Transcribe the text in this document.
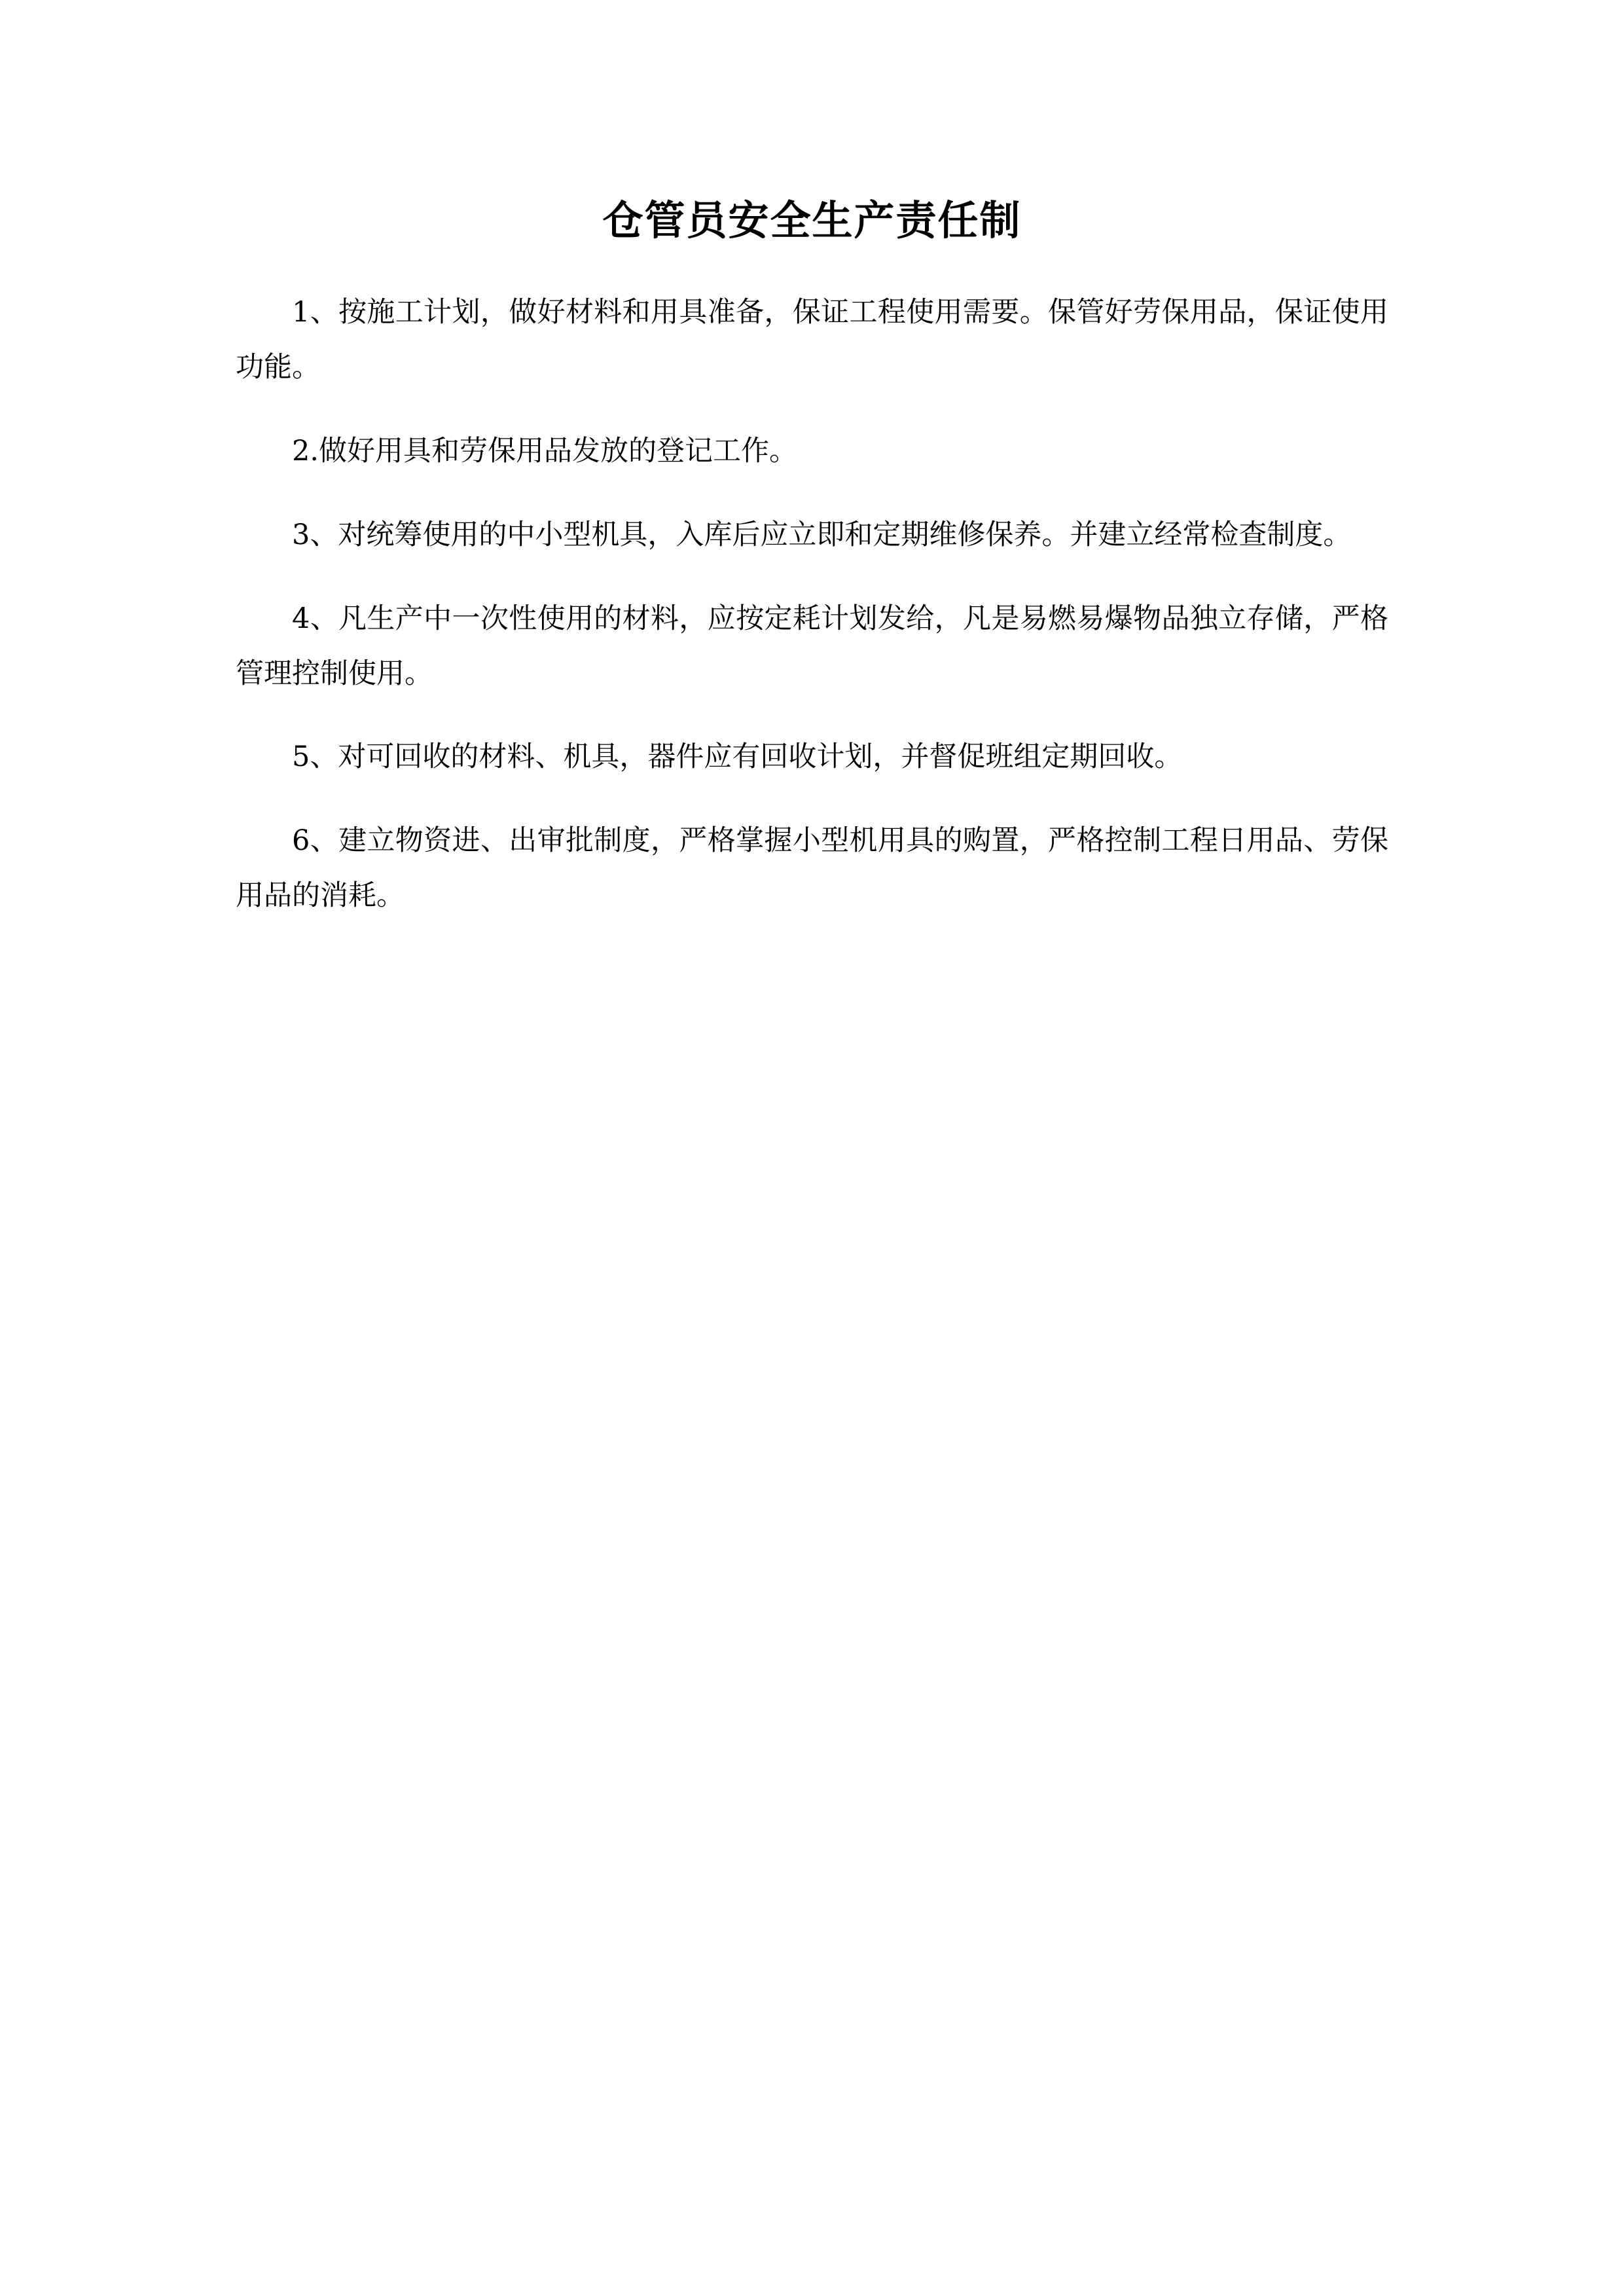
仓管员安全生产责任制

1、按施工计划，做好材料和用具准备，保证工程使用需要。保管好劳保用品，保证使用功能。

2.做好用具和劳保用品发放的登记工作。

3、对统筹使用的中小型机具，入库后应立即和定期维修保养。并建立经常检查制度。

4、凡生产中一次性使用的材料，应按定耗计划发给，凡是易燃易爆物品独立存储，严格管理控制使用。

5、对可回收的材料、机具，器件应有回收计划，并督促班组定期回收。

6、建立物资进、出审批制度，严格掌握小型机用具的购置，严格控制工程日用品、劳保用品的消耗。
